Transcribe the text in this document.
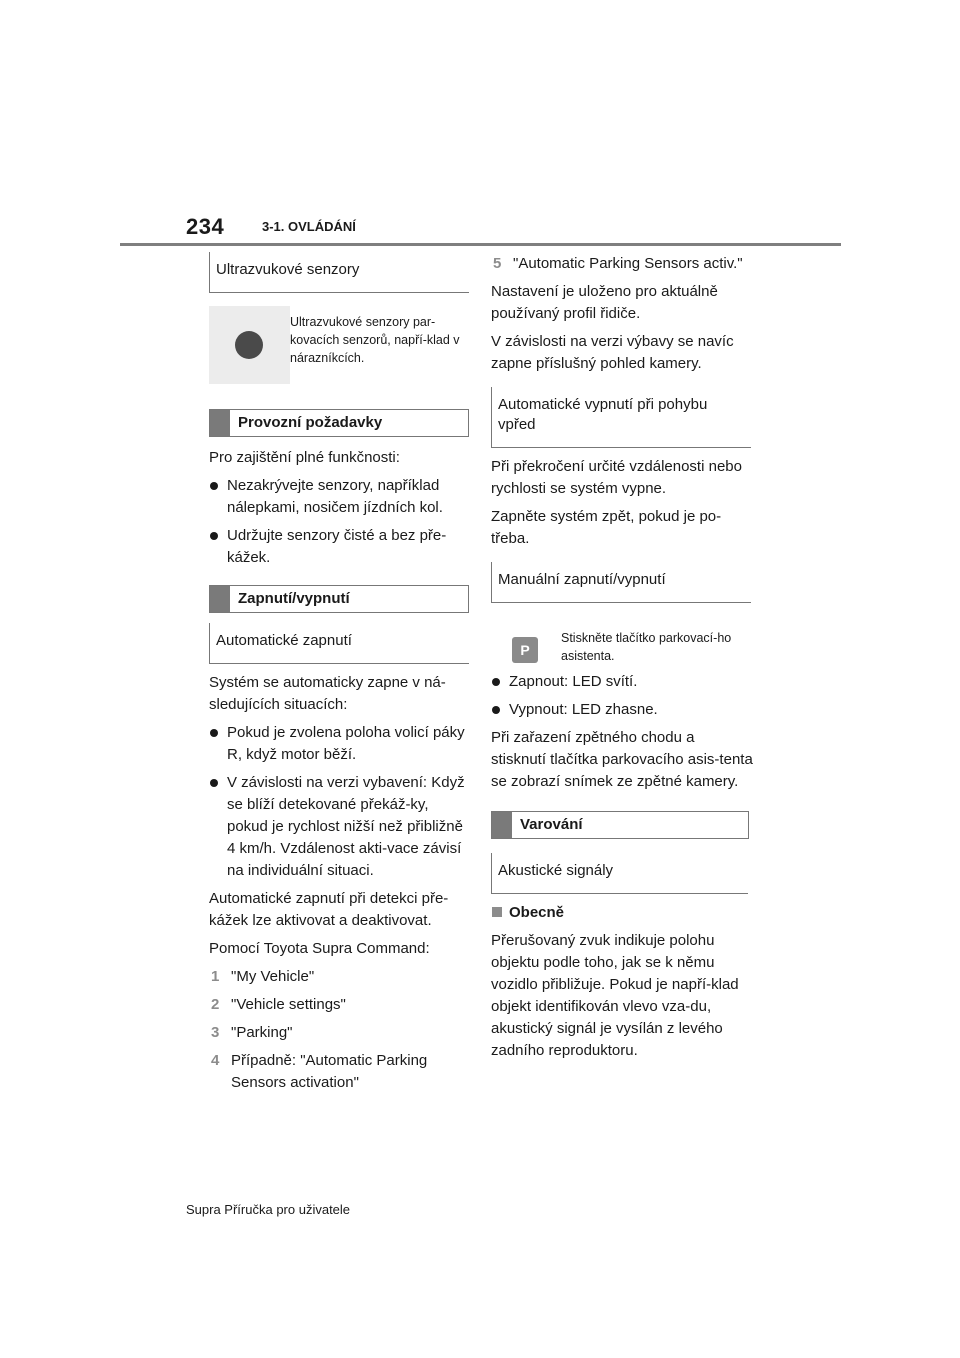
234	3-1. OVLÁDÁNÍ
Ultrazvukové senzory
Ultrazvukové senzory par-kovacích senzorů, napří-klad v nárazníkcích.
Provozní požadavky

Pro zajištění plné funkčnosti:

Nezakrývejte senzory, například nálepkami, nosičem jízdních kol.
Udržujte senzory čisté a bez pře-kážek.
Zapnutí/vypnutí
Automatické zapnutí

Systém se automaticky zapne v ná-sledujících situacích:

Pokud je zvolena poloha volicí páky R, když motor běží.
V závislosti na verzi vybavení: Když se blíží detekované překáž-ky, pokud je rychlost nižší než přibližně 4 km/h. Vzdálenost akti-vace závisí na individuální situaci.

Automatické zapnutí při detekci pře-kážek lze aktivovat a deaktivovat.

Pomocí Toyota Supra Command:

1 "My Vehicle"
2 "Vehicle settings"
3 "Parking"
4 Případně: "Automatic Parking Sensors activation"
5 "Automatic Parking Sensors activ."

Nastavení je uloženo pro aktuálně používaný profil řidiče.

V závislosti na verzi výbavy se navíc zapne příslušný pohled kamery.

Automatické vypnutí při pohybu vpřed

Při překročení určité vzdálenosti nebo rychlosti se systém vypne.

Zapněte systém zpět, pokud je po-třeba.

Manuální zapnutí/vypnutí
P
Stiskněte tlačítko parkovací-ho asistenta.
Zapnout: LED svítí.
Vypnout: LED zhasne.

Při zařazení zpětného chodu a stisknutí tlačítka parkovacího asis-tenta se zobrazí snímek ze zpětné kamery.

Varování
Akustické signály
Obecně

Přerušovaný zvuk indikuje polohu objektu podle toho, jak se k němu vozidlo přibližuje. Pokud je napří-klad objekt identifikován vlevo vza-du, akustický signál je vysílán z levého zadního reproduktoru.

Supra Příručka pro uživatele
